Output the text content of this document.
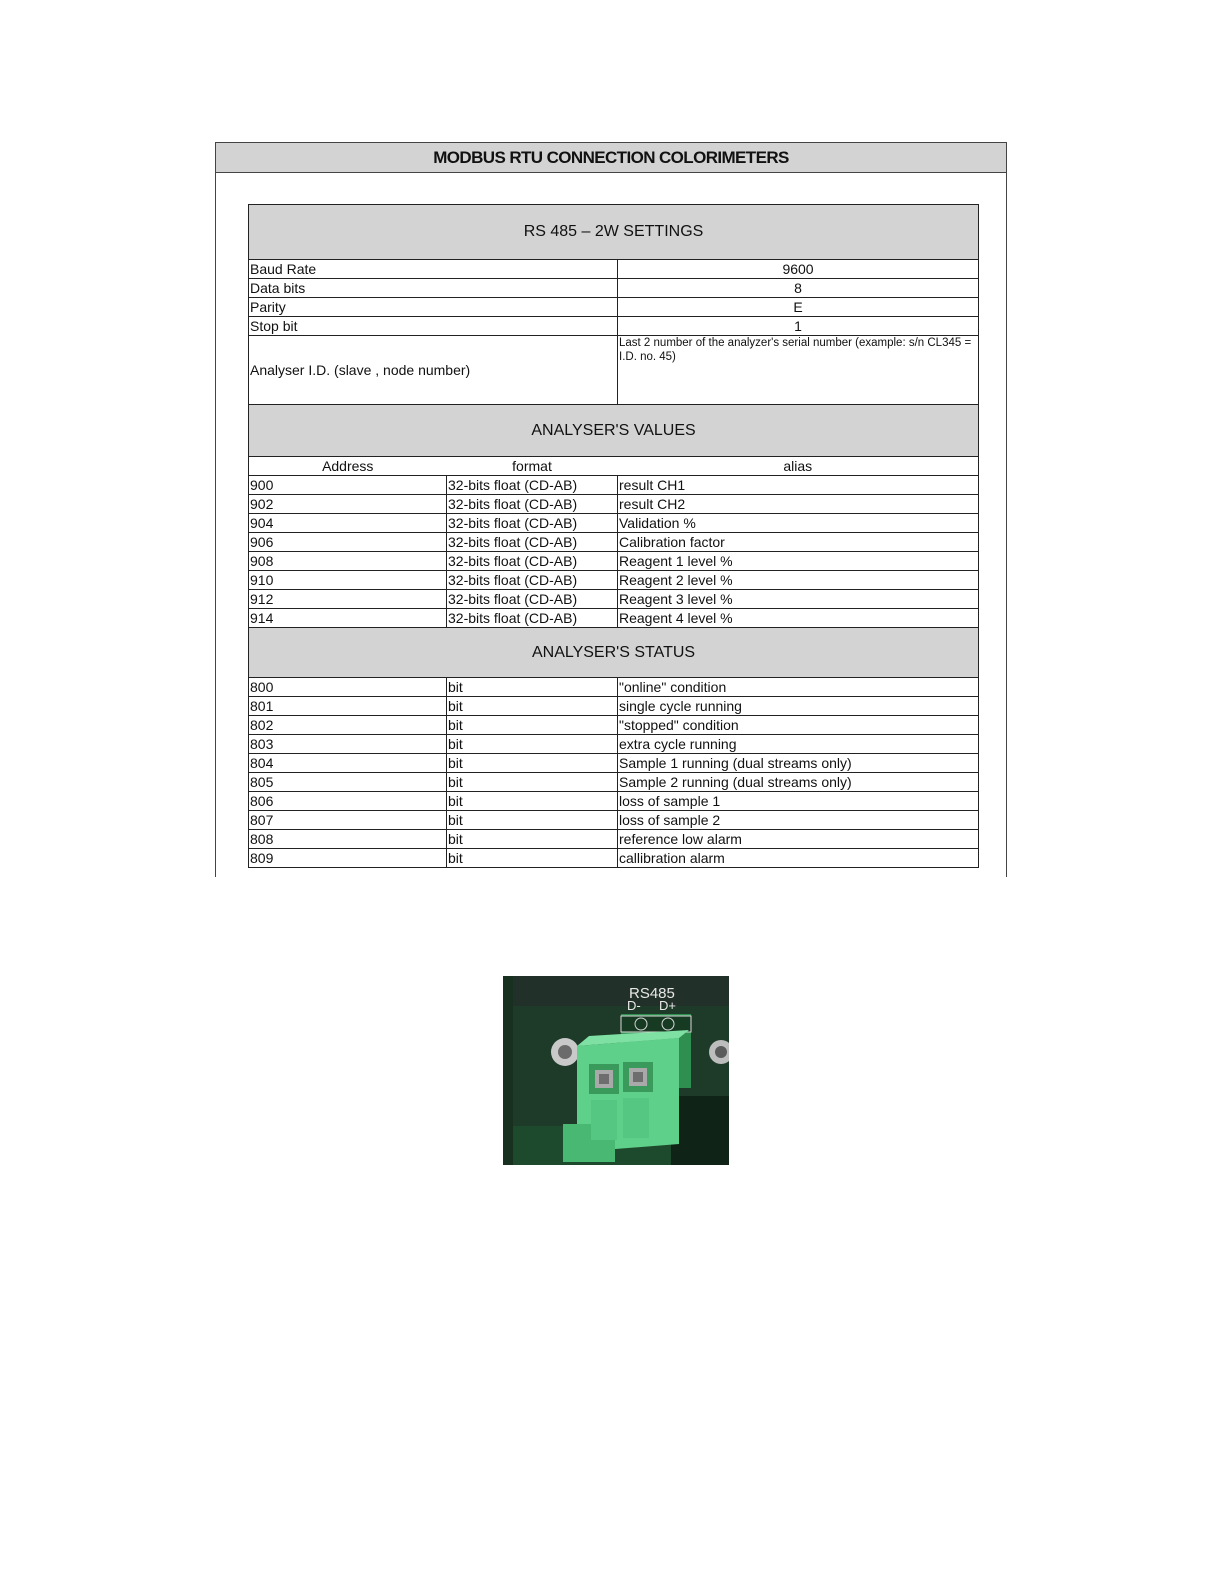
MODBUS RTU CONNECTION COLORIMETERS
RS 485 – 2W SETTINGS		
Baud Rate		9600
Data bits		8
Parity		E
Stop bit		1
Analyser I.D. (slave , node number)		Last 2 number of the analyzer's serial number (example: s/n CL345 = I.D. no. 45)
ANALYSER'S VALUES		
Address	format	alias
900	32-bits float (CD-AB)	result CH1
902	32-bits float (CD-AB)	result CH2
904	32-bits float (CD-AB)	Validation %
906	32-bits float (CD-AB)	Calibration factor
908	32-bits float (CD-AB)	Reagent 1 level %
910	32-bits float (CD-AB)	Reagent 2 level %
912	32-bits float (CD-AB)	Reagent 3 level %
914	32-bits float (CD-AB)	Reagent 4 level %
ANALYSER'S STATUS		
800	bit	"online" condition
801	bit	single cycle running
802	bit	"stopped" condition
803	bit	extra cycle running
804	bit	Sample 1 running (dual streams only)
805	bit	Sample 2 running (dual streams only)
806	bit	loss of sample 1
807	bit	loss of sample 2
808	bit	reference low alarm
809	bit	callibration alarm
RS485
D- D+
